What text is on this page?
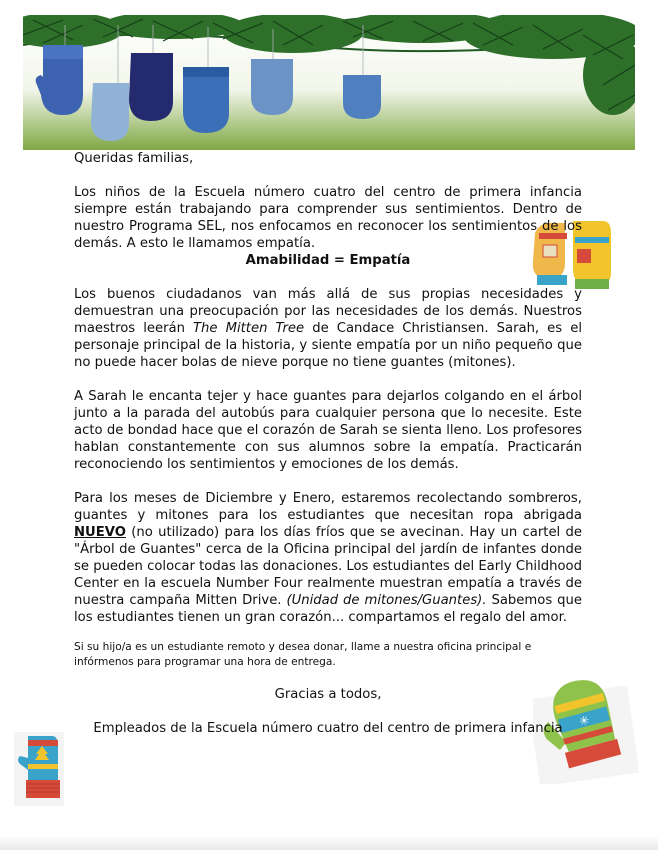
✳

Queridas familias,

Los niños de la Escuela número cuatro del centro de primera infancia siempre están trabajando para comprender sus sentimientos. Dentro de nuestro Programa SEL, nos enfocamos en reconocer los sentimientos de los demás. A esto le llamamos empatía.

Amabilidad = Empatía

Los buenos ciudadanos van más allá de sus propias necesidades y demuestran una preocupación por las necesidades de los demás. Nuestros maestros leerán The Mitten Tree de Candace Christiansen. Sarah, es el personaje principal de la historia, y siente empatía por un niño pequeño que no puede hacer bolas de nieve porque no tiene guantes (mitones).

A Sarah le encanta tejer y hace guantes para dejarlos colgando en el árbol junto a la parada del autobús para cualquier persona que lo necesite. Este acto de bondad hace que el corazón de Sarah se sienta lleno. Los profesores hablan constantemente con sus alumnos sobre la empatía. Practicarán reconociendo los sentimientos y emociones de los demás.

Para los meses de Diciembre y Enero, estaremos recolectando sombreros, guantes y mitones para los estudiantes que necesitan ropa abrigada NUEVO (no utilizado) para los días fríos que se avecinan. Hay un cartel de "Árbol de Guantes" cerca de la Oficina principal del jardín de infantes donde se pueden colocar todas las donaciones. Los estudiantes del Early Childhood Center en la escuela Number Four realmente muestran empatía a través de nuestra campaña Mitten Drive. (Unidad de mitones/Guantes). Sabemos que los estudiantes tienen un gran corazón... compartamos el regalo del amor.

Si su hijo/a es un estudiante remoto y desea donar, llame a nuestra oficina principal e infórmenos para programar una hora de entrega.

Gracias a todos,

Empleados de la Escuela número cuatro del centro de primera infancia
